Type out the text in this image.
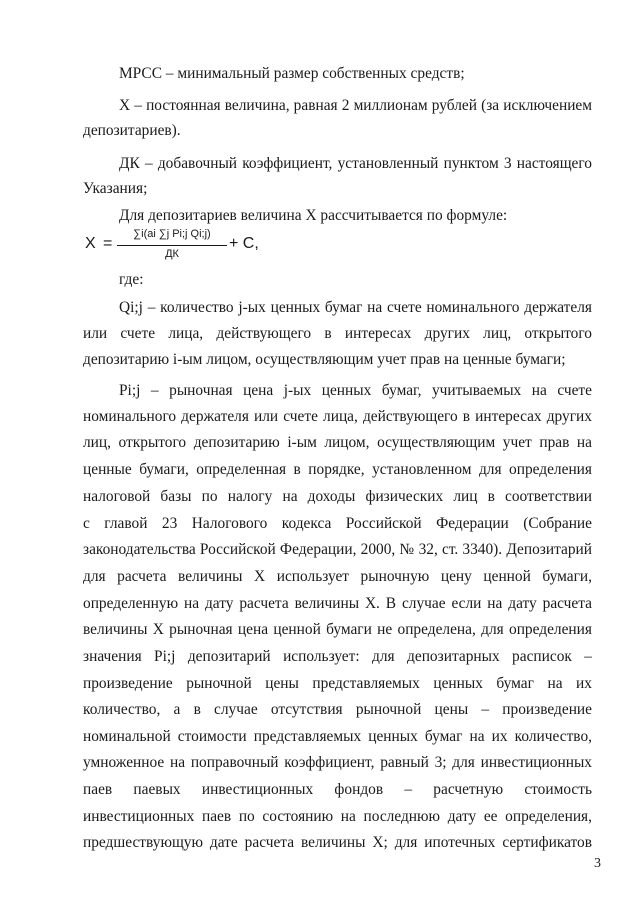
МРСС – минимальный размер собственных средств;
Х – постоянная величина, равная 2 миллионам рублей (за исключением
депозитариев).
ДК – добавочный коэффициент, установленный пунктом 3 настоящего
Указания;
Для депозитариев величина Х рассчитывается по формуле:
X =
∑i(ai ∑j Pi;j Qi;j)
ДК
+ C,
где:
Qi;j – количество j-ых ценных бумаг на счете номинального держателя
или счете лица, действующего в интересах других лиц, открытого
депозитарию i-ым лицом, осуществляющим учет прав на ценные бумаги;
Pi;j – рыночная цена j-ых ценных бумаг, учитываемых на счете
номинального держателя или счете лица, действующего в интересах других
лиц, открытого депозитарию i-ым лицом, осуществляющим учет прав на
ценные бумаги, определенная в порядке, установленном для определения
налоговой базы по налогу на доходы физических лиц в соответствии
с главой 23 Налогового кодекса Российской Федерации (Собрание
законодательства Российской Федерации, 2000, № 32, ст. 3340). Депозитарий
для расчета величины Х использует рыночную цену ценной бумаги,
определенную на дату расчета величины Х. В случае если на дату расчета
величины Х рыночная цена ценной бумаги не определена, для определения
значения Pi;j депозитарий использует: для депозитарных расписок –
произведение рыночной цены представляемых ценных бумаг на их
количество, а в случае отсутствия рыночной цены – произведение
номинальной стоимости представляемых ценных бумаг на их количество,
умноженное на поправочный коэффициент, равный 3; для инвестиционных
паев паевых инвестиционных фондов – расчетную стоимость
инвестиционных паев по состоянию на последнюю дату ее определения,
предшествующую дате расчета величины Х; для ипотечных сертификатов
3
